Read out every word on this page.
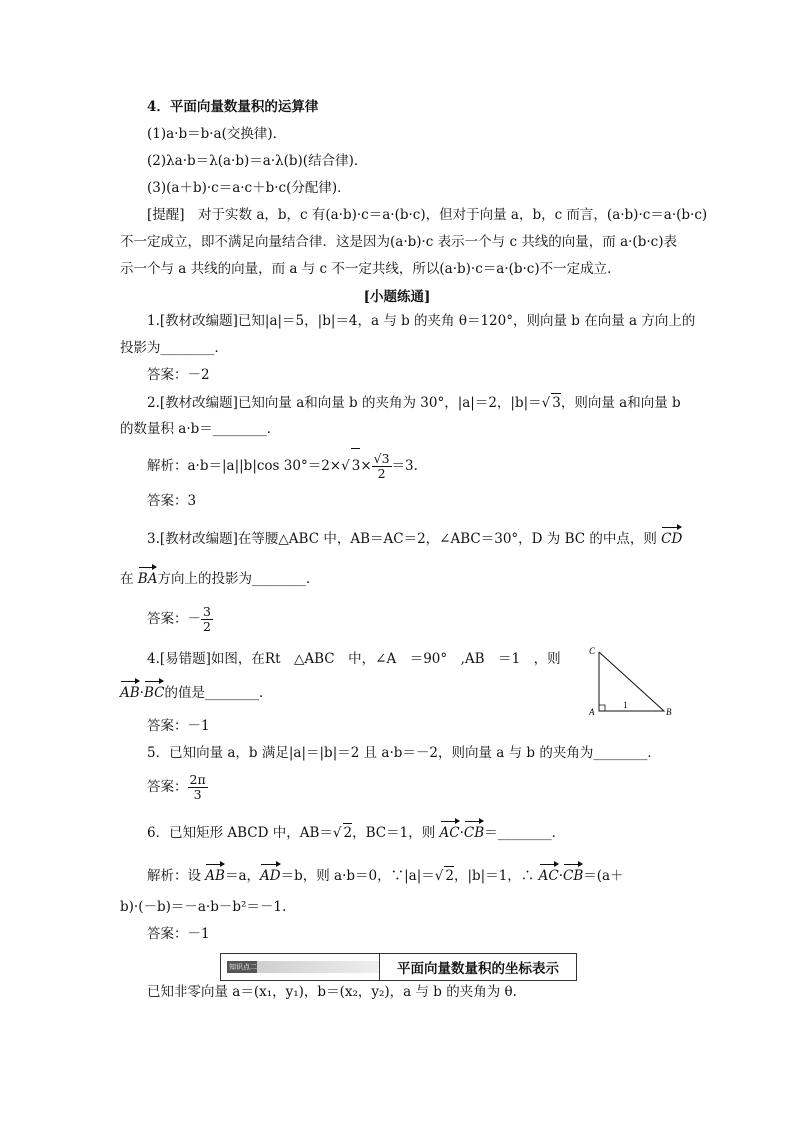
4．平面向量数量积的运算律
(1)a·b＝b·a(交换律)．
(2)λa·b＝λ(a·b)＝a·λ(b)(结合律)．
(3)(a＋b)·c＝a·c＋b·c(分配律)．
[提醒]　对于实数 a，b，c 有(a·b)·c＝a·(b·c)，但对于向量 a，b，c 而言，(a·b)·c＝a·(b·c)
不一定成立，即不满足向量结合律．这是因为(a·b)·c 表示一个与 c 共线的向量，而 a·(b·c)表
示一个与 a 共线的向量，而 a 与 c 不一定共线，所以(a·b)·c＝a·(b·c)不一定成立．
[小题练通]
1.[教材改编题]已知|a|＝5，|b|＝4，a 与 b 的夹角 θ＝120°，则向量 b 在向量 a 方向上的
投影为________．
答案：－2
2.[教材改编题]已知向量 a和向量 b 的夹角为 30°，|a|＝2，|b|＝√ 3，则向量 a和向量 b
的数量积 a·b＝________．
解析：a·b＝|a||b|cos 30°＝2×√ $3\times \frac{√3}{2} =3$.
答案：3
3.[教材改编题]在等腰△ABC 中，AB＝AC＝2，∠ABC＝30°，D 为 BC 的中点，则 CD
在 BA方向上的投影为________．
答案：－ $\frac{3}{2}$
4.[易错题]如图，在Rt　△ABC　中，∠A　＝90°　,AB　＝1　，则
AB·BC的值是________．
答案：－1
C
A	B
1
5．已知向量 a，b 满足|a|＝|b|＝2 且 a·b＝－2，则向量 a 与 b 的夹角为________．
答案： $\frac{2\pi}{3}$
6．已知矩形 ABCD 中，AB＝√ 2，BC＝1，则 AC·CB＝________．
解析：设 AB＝a，AD＝b，则 a·b＝0，∵|a|＝√ 2，|b|＝1，∴ AC·CB＝(a＋
b)·(－b)＝－a·b－b²＝－1.
答案：－1
知识点二	平面向量数量积的坐标表示
已知非零向量 a＝(x₁，y₁)，b＝(x₂，y₂)，a 与 b 的夹角为 θ.
